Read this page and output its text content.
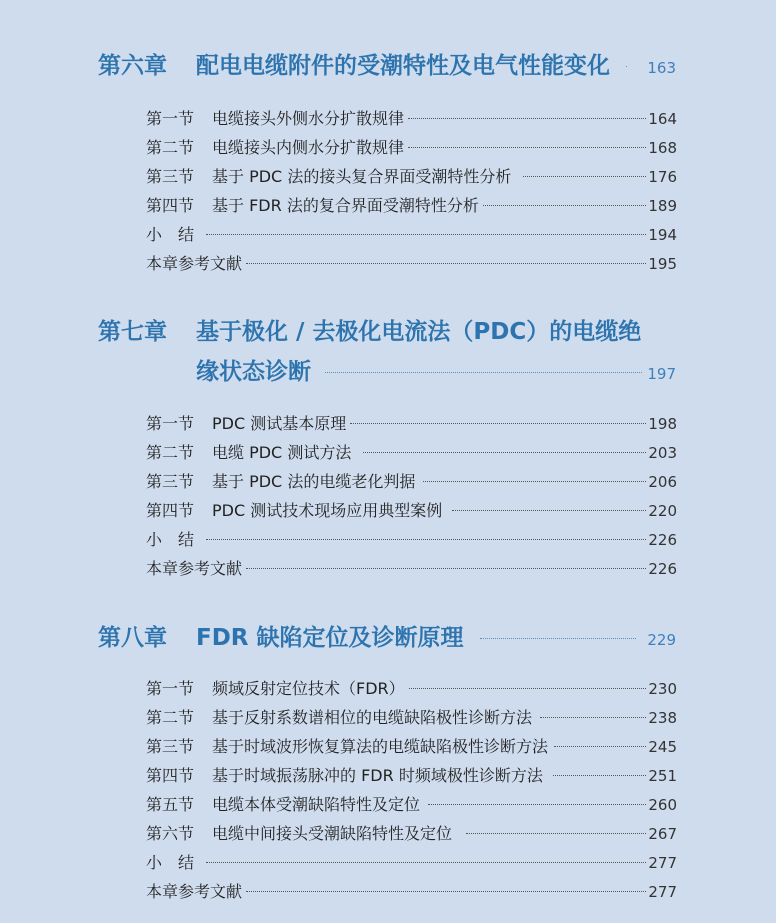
第六章 配电电缆附件的受潮特性及电气性能变化 163
第一节	电缆接头外侧水分扩散规律	164
第二节	电缆接头内侧水分扩散规律	168
第三节	基于 PDC 法的接头复合界面受潮特性分析	176
第四节	基于 FDR 法的复合界面受潮特性分析	189
小　结	194
本章参考文献	195
第七章 基于极化 / 去极化电流法（PDC）的电缆绝
缘状态诊断	197
第一节	PDC 测试基本原理	198
第二节	电缆 PDC 测试方法	203
第三节	基于 PDC 法的电缆老化判据	206
第四节	PDC 测试技术现场应用典型案例	220
小　结	226
本章参考文献	226
第八章 FDR 缺陷定位及诊断原理	229
第一节	频域反射定位技术（FDR）	230
第二节	基于反射系数谱相位的电缆缺陷极性诊断方法	238
第三节	基于时域波形恢复算法的电缆缺陷极性诊断方法	245
第四节	基于时域振荡脉冲的 FDR 时频域极性诊断方法	251
第五节	电缆本体受潮缺陷特性及定位	260
第六节	电缆中间接头受潮缺陷特性及定位	267
小　结	277
本章参考文献	277
